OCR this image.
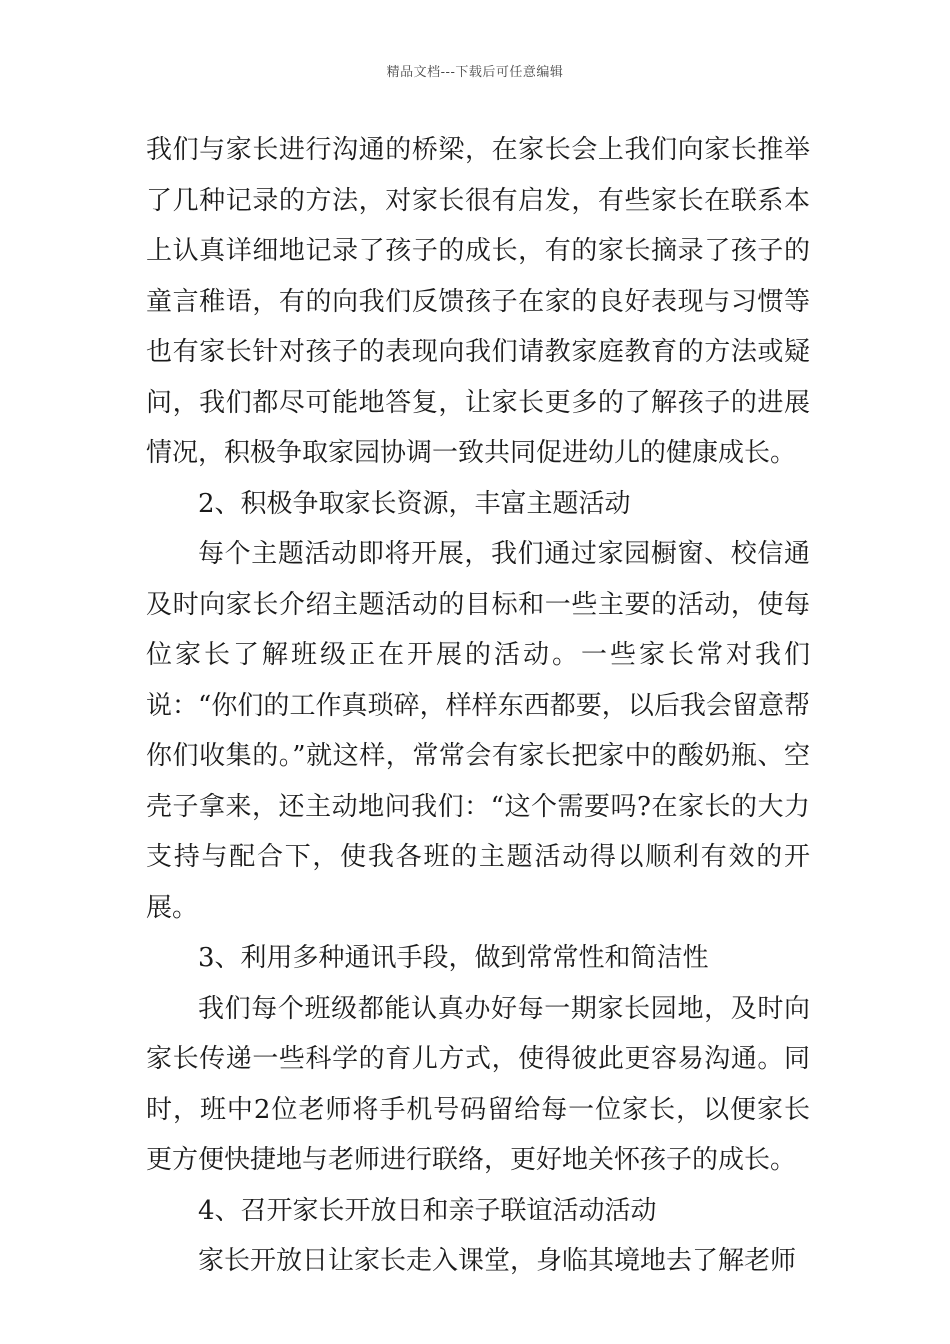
精品文档---下载后可任意编辑

我们与家长进行沟通的桥梁，在家长会上我们向家长推举了几种记录的方法，对家长很有启发，有些家长在联系本上认真详细地记录了孩子的成长，有的家长摘录了孩子的童言稚语，有的向我们反馈孩子在家的良好表现与习惯等也有家长针对孩子的表现向我们请教家庭教育的方法或疑问，我们都尽可能地答复，让家长更多的了解孩子的进展情况，积极争取家园协调一致共同促进幼儿的健康成长。

2、积极争取家长资源，丰富主题活动

每个主题活动即将开展，我们通过家园橱窗、校信通及时向家长介绍主题活动的目标和一些主要的活动，使每位家长了解班级正在开展的活动。一些家长常对我们说：“你们的工作真琐碎，样样东西都要，以后我会留意帮你们收集的。”就这样，常常会有家长把家中的酸奶瓶、空壳子拿来，还主动地问我们：“这个需要吗?在家长的大力支持与配合下，使我各班的主题活动得以顺利有效的开展。

3、利用多种通讯手段，做到常常性和简洁性

我们每个班级都能认真办好每一期家长园地，及时向家长传递一些科学的育儿方式，使得彼此更容易沟通。同时，班中2位老师将手机号码留给每一位家长，以便家长更方便快捷地与老师进行联络，更好地关怀孩子的成长。

4、召开家长开放日和亲子联谊活动活动

家长开放日让家长走入课堂，身临其境地去了解老师
